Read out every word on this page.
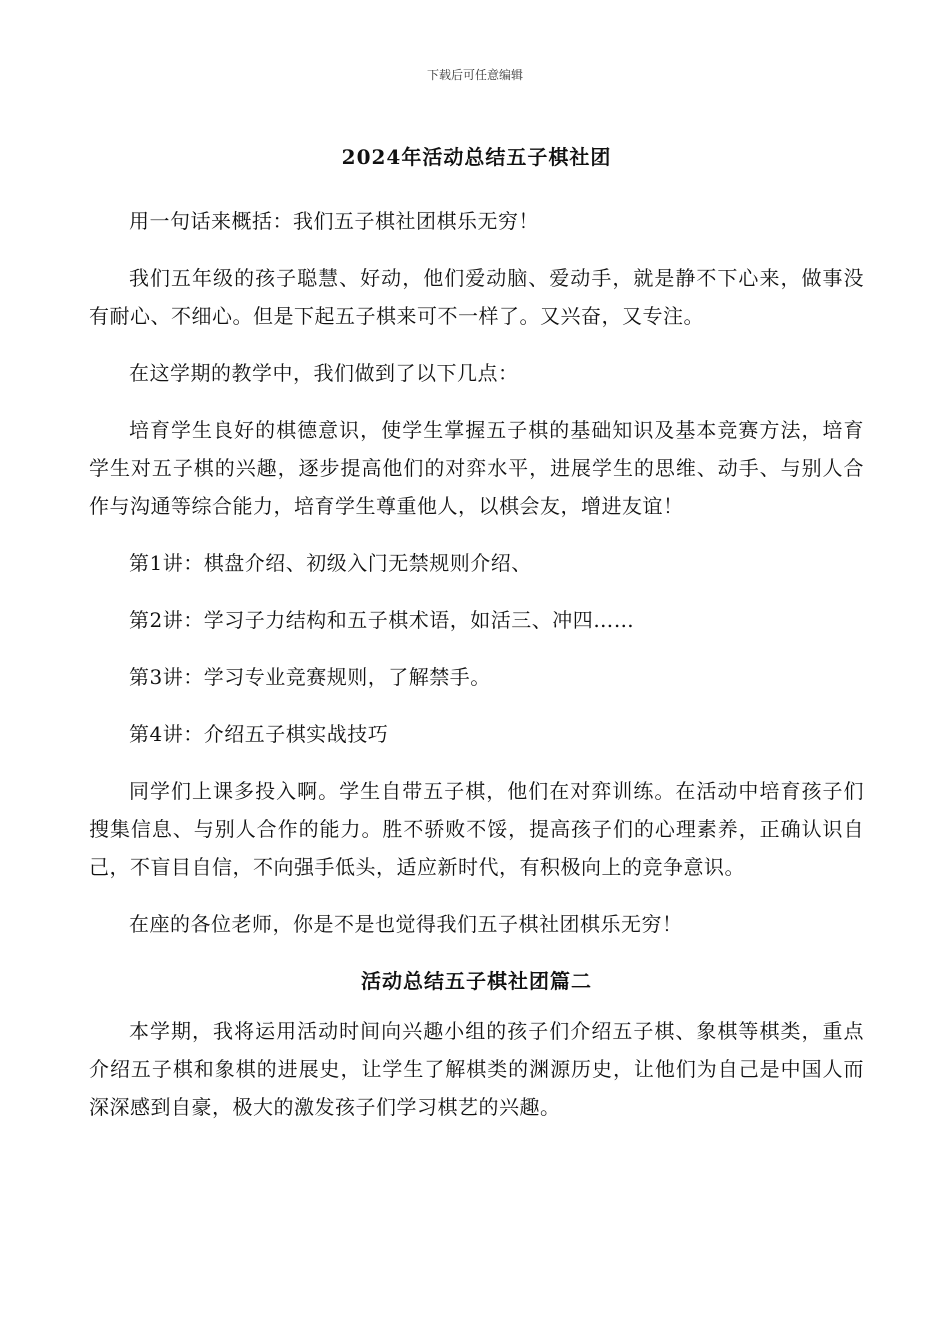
下载后可任意编辑
2024年活动总结五子棋社团

用一句话来概括：我们五子棋社团棋乐无穷！

我们五年级的孩子聪慧、好动，他们爱动脑、爱动手，就是静不下心来，做事没有耐心、不细心。但是下起五子棋来可不一样了。又兴奋，又专注。

在这学期的教学中，我们做到了以下几点：

培育学生良好的棋德意识，使学生掌握五子棋的基础知识及基本竞赛方法，培育学生对五子棋的兴趣，逐步提高他们的对弈水平，进展学生的思维、动手、与别人合作与沟通等综合能力，培育学生尊重他人，以棋会友，增进友谊！

第1讲：棋盘介绍、初级入门无禁规则介绍、

第2讲：学习子力结构和五子棋术语，如活三、冲四……

第3讲：学习专业竞赛规则，了解禁手。

第4讲：介绍五子棋实战技巧

同学们上课多投入啊。学生自带五子棋，他们在对弈训练。在活动中培育孩子们搜集信息、与别人合作的能力。胜不骄败不馁，提高孩子们的心理素养，正确认识自己，不盲目自信，不向强手低头，适应新时代，有积极向上的竞争意识。

在座的各位老师，你是不是也觉得我们五子棋社团棋乐无穷！

活动总结五子棋社团篇二

本学期，我将运用活动时间向兴趣小组的孩子们介绍五子棋、象棋等棋类，重点介绍五子棋和象棋的进展史，让学生了解棋类的渊源历史，让他们为自己是中国人而深深感到自豪，极大的激发孩子们学习棋艺的兴趣。
